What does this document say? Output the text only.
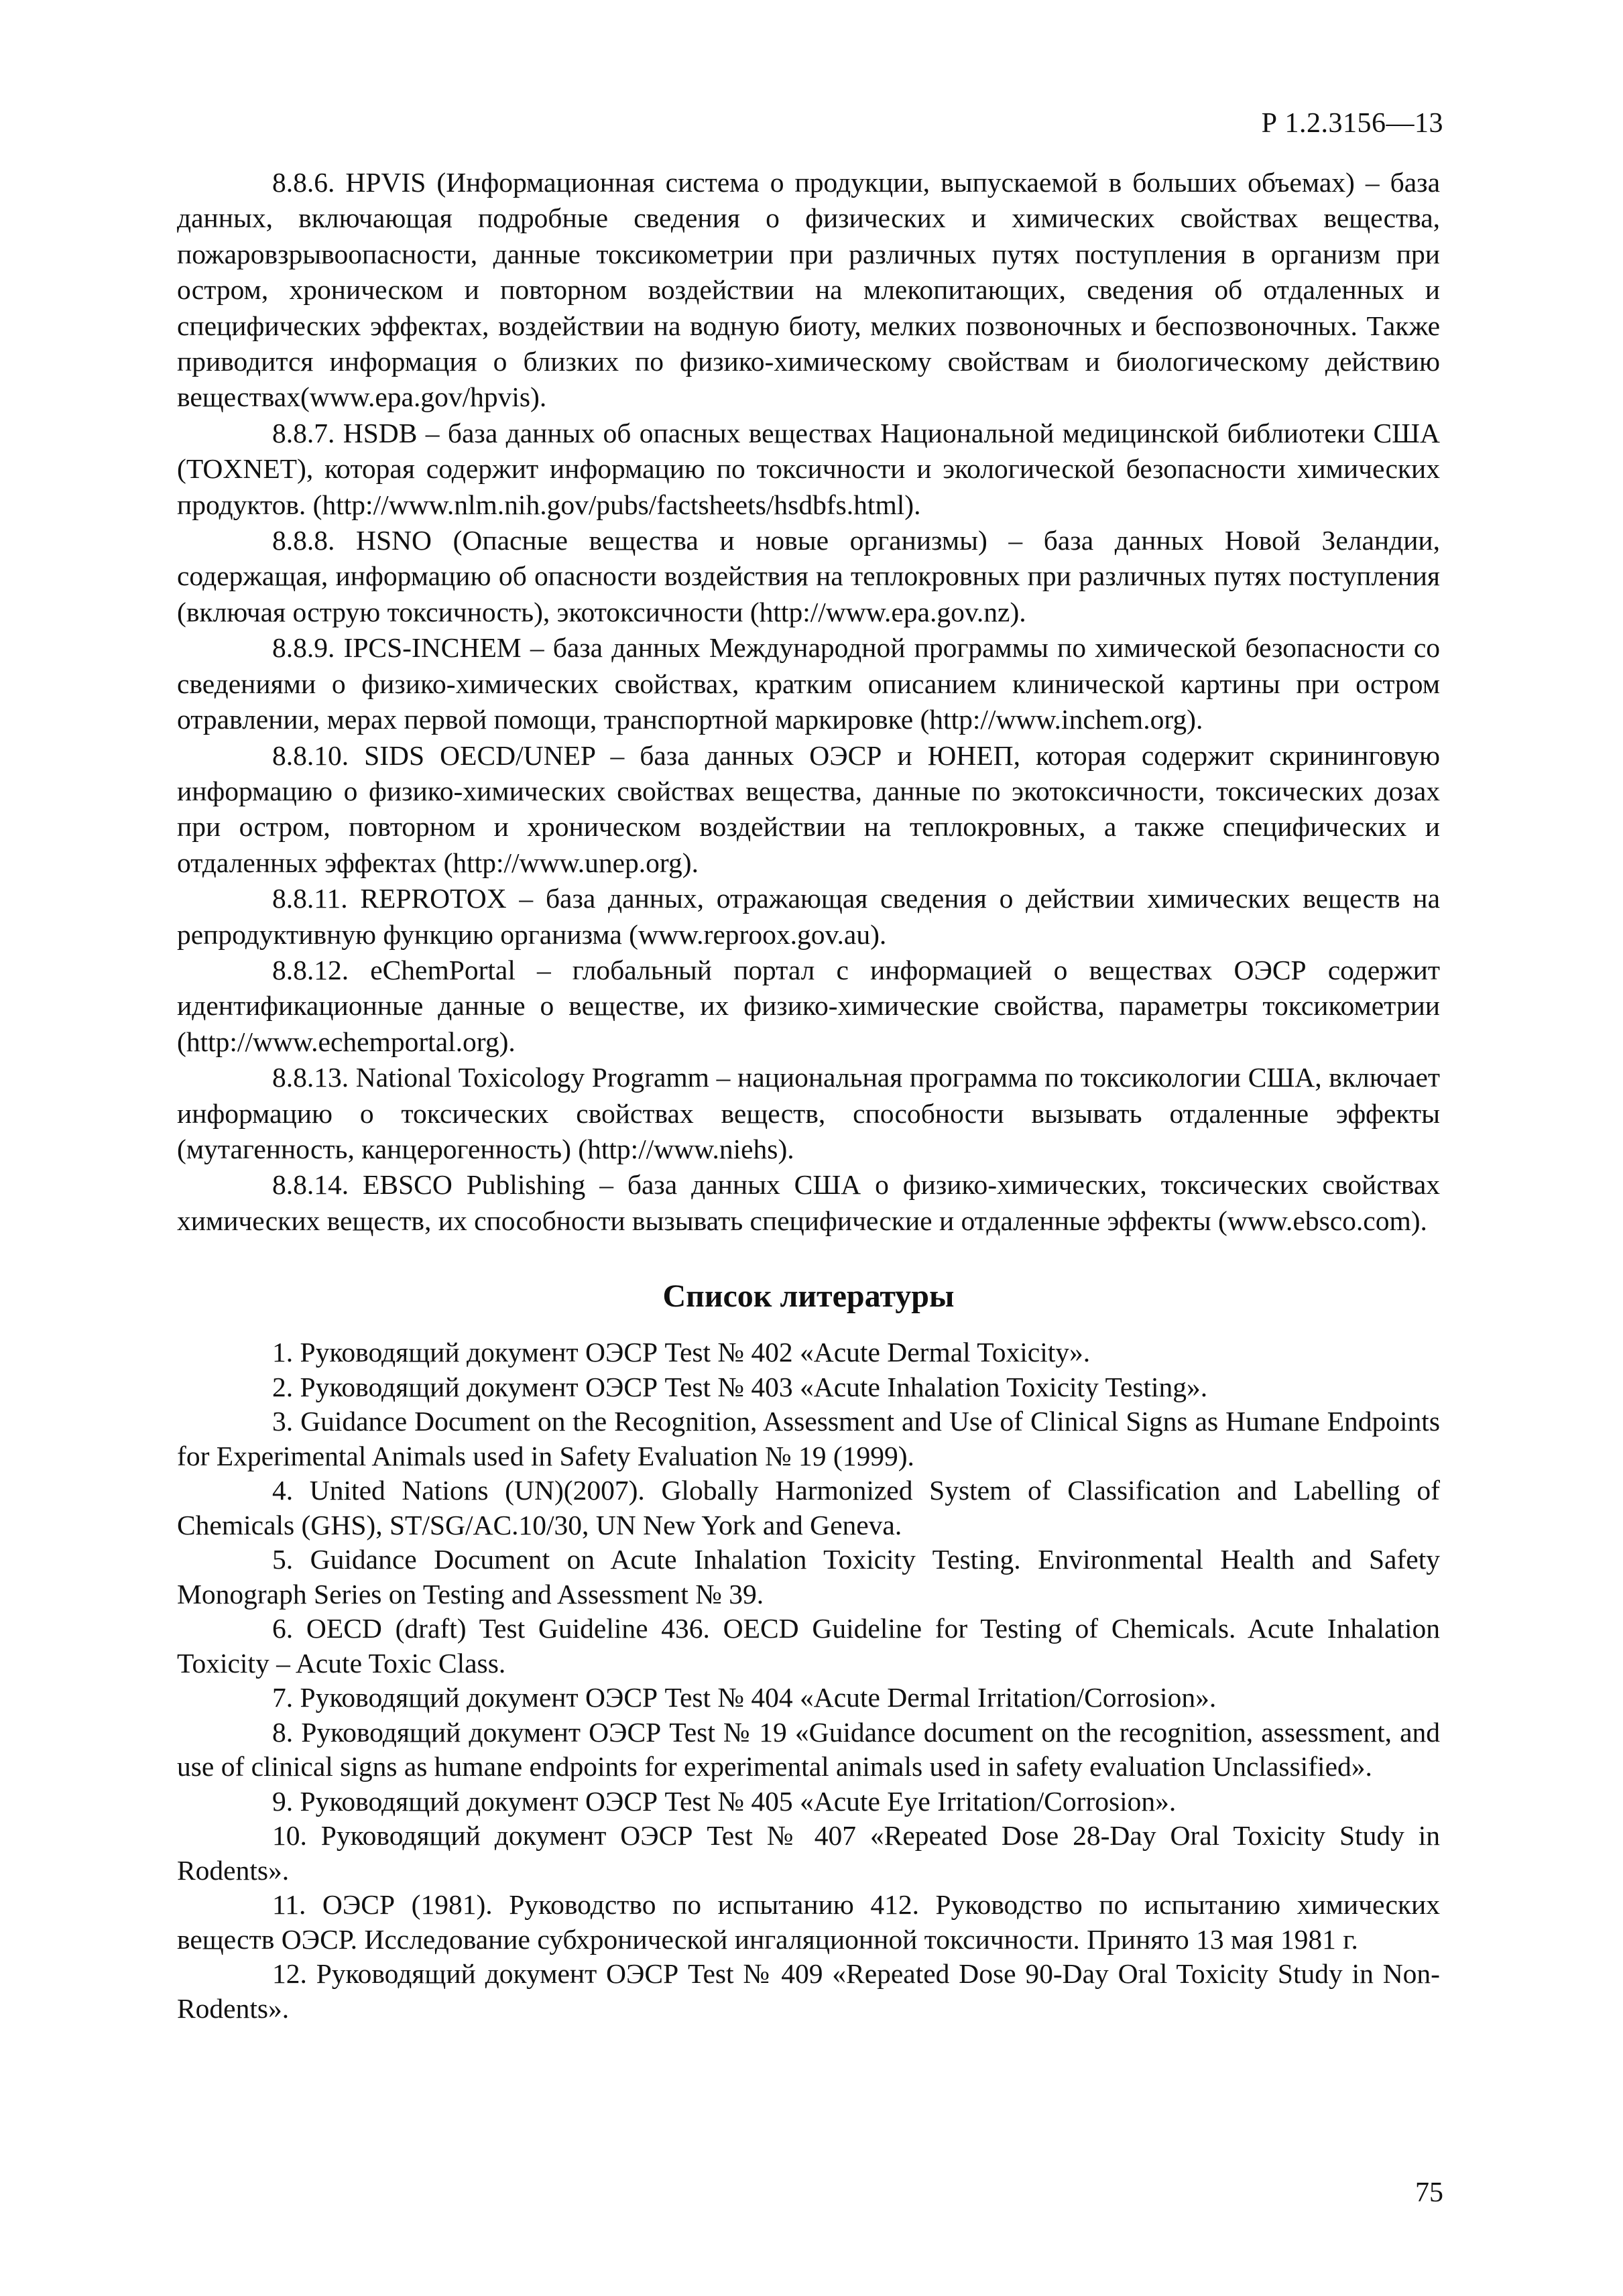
Р 1.2.3156—13

8.8.6. HPVIS (Информационная система о продукции, выпускаемой в больших объемах) – база данных, включающая подробные сведения о физических и химических свойствах вещества, пожаровзрывоопасности, данные токсикометрии при различных путях поступления в организм при остром, хроническом и повторном воздействии на млекопитающих, сведения об отдаленных и специфических эффектах, воздействии на водную биоту, мелких позвоночных и беспозвоночных. Также приводится информация о близких по физико-химическому свойствам и биологическому действию веществах(www.epa.gov/hpvis).

8.8.7. HSDB – база данных об опасных веществах Национальной медицинской библиотеки США (TOXNET), которая содержит информацию по токсичности и экологической безопасности химических продуктов. (http://www.nlm.nih.gov/pubs/factsheets/hsdbfs.html).

8.8.8. HSNO (Опасные вещества и новые организмы) – база данных Новой Зеландии, содержащая, информацию об опасности воздействия на теплокровных при различных путях поступления (включая острую токсичность), экотоксичности (http://www.epa.gov.nz).

8.8.9. IPCS-INCHEM – база данных Международной программы по химической безопасности со сведениями о физико-химических свойствах, кратким описанием клинической картины при остром отравлении, мерах первой помощи, транспортной маркировке (http://www.inchem.org).

8.8.10. SIDS OECD/UNEP – база данных ОЭСР и ЮНЕП, которая содержит скрининговую информацию о физико-химических свойствах вещества, данные по экотоксичности, токсических дозах при остром, повторном и хроническом воздействии на теплокровных, а также специфических и отдаленных эффектах (http://www.unep.org).

8.8.11. REPROTOX – база данных, отражающая сведения о действии химических веществ на репродуктивную функцию организма (www.reproox.gov.au).

8.8.12. eChemPortal – глобальный портал с информацией о веществах ОЭСР содержит идентификационные данные о веществе, их физико-химические свойства, параметры токсикометрии (http://www.echemportal.org).

8.8.13. National Toxicology Programm – национальная программа по токсикологии США, включает информацию о токсических свойствах веществ, способности вызывать отдаленные эффекты (мутагенность, канцерогенность) (http://www.niehs).

8.8.14. EBSCO Publishing – база данных США о физико-химических, токсических свойствах химических веществ, их способности вызывать специфические и отдаленные эффекты (www.ebsco.com).

Список литературы

1. Руководящий документ ОЭСР Test № 402 «Acute Dermal Toxicity».

2. Руководящий документ ОЭСР Test № 403 «Acute Inhalation Toxicity Testing».

3. Guidance Document on the Recognition, Assessment and Use of Clinical Signs as Humane Endpoints for Experimental Animals used in Safety Evaluation № 19 (1999).

4. United Nations (UN)(2007). Globally Harmonized System of Classification and Labelling of Chemicals (GHS), ST/SG/AC.10/30, UN New York and Geneva.

5. Guidance Document on Acute Inhalation Toxicity Testing. Environmental Health and Safety Monograph Series on Testing and Assessment № 39.

6. OECD (draft) Test Guideline 436. OECD Guideline for Testing of Chemicals. Acute Inhalation Toxicity – Acute Toxic Class.

7. Руководящий документ ОЭСР Test № 404 «Acute Dermal Irritation/Corrosion».

8. Руководящий документ ОЭСР Test № 19 «Guidance document on the recognition, assessment, and use of clinical signs as humane endpoints for experimental animals used in safety evaluation Unclassified».

9. Руководящий документ ОЭСР Test № 405 «Acute Eye Irritation/Corrosion».

10. Руководящий документ ОЭСР Test № 407 «Repeated Dose 28-Day Oral Toxicity Study in Rodents».

11. ОЭСР (1981). Руководство по испытанию 412. Руководство по испытанию химических веществ ОЭСР. Исследование субхронической ингаляционной токсичности. Принято 13 мая 1981 г.

12. Руководящий документ ОЭСР Test № 409 «Repeated Dose 90-Day Oral Toxicity Study in Non-Rodents».

75
